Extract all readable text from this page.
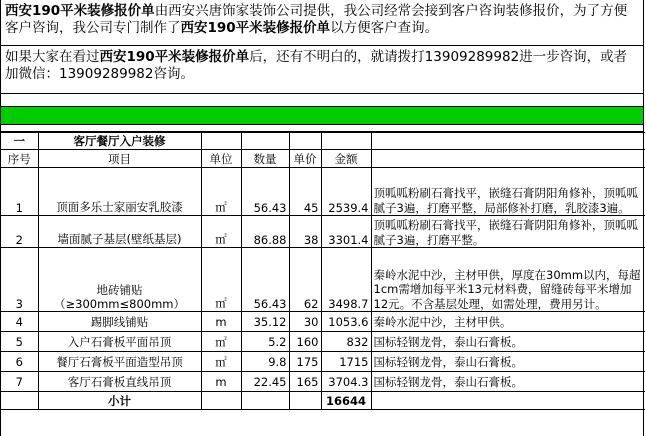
西安190平米装修报价单由西安兴唐饰家装饰公司提供，我公司经常会接到客户咨询装修报价，为了方便客户咨询，我公司专门制作了西安190平米装修报价单以方便客户查询。
如果大家在看过西安190平米装修报价单后，还有不明白的，就请拨打13909289982进一步咨询，或者加微信：13909289982咨询。
一	客厅餐厅入户装修					
序号	项目	单位	数量	单价	金额	
1	顶面多乐士家丽安乳胶漆	㎡	56.43	45	2539.4	顶呱呱粉刷石膏找平，嵌缝石膏阴阳角修补，顶呱呱腻子3遍，打磨平整，局部修补打磨，乳胶漆3遍。
2	墙面腻子基层(壁纸基层)	㎡	86.88	38	3301.4	顶呱呱粉刷石膏找平，嵌缝石膏阴阳角修补，顶呱呱腻子3遍，打磨平整。
3	地砖铺贴（≥300mm≤800mm）	㎡	56.43	62	3498.7	秦岭水泥中沙，主材甲供，厚度在30mm以内，每超1cm需增加每平米13元材料费，留缝砖每平米增加12元。不含基层处理，如需处理，费用另计。
4	踢脚线铺贴	m	35.12	30	1053.6	秦岭水泥中沙，主材甲供。
5	入户石膏板平面吊顶	㎡	5.2	160	832	国标轻钢龙骨，泰山石膏板。
6	餐厅石膏板平面造型吊顶	㎡	9.8	175	1715	国标轻钢龙骨，泰山石膏板。
7	客厅石膏板直线吊顶	m	22.45	165	3704.3	国标轻钢龙骨，泰山石膏板。
	小计				16644	
